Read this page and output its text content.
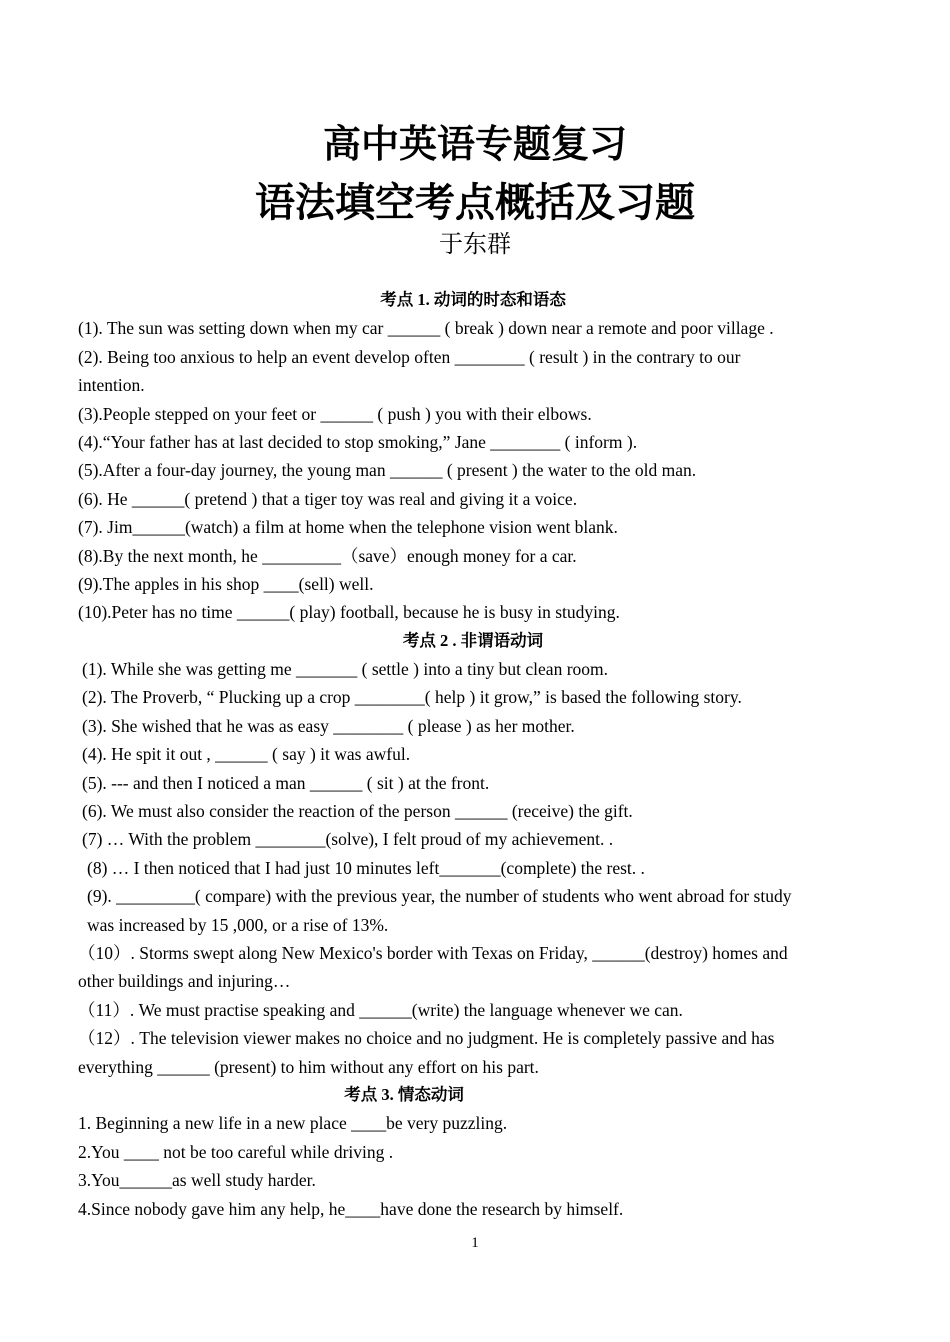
高中英语专题复习
语法填空考点概括及习题
于东群
考点 1. 动词的时态和语态
(1). The sun was setting down when my car ______ ( break ) down near a remote and poor village .
(2). Being too anxious to help an event develop often ________ ( result ) in the contrary to our
intention.
(3).People stepped on your feet or ______ ( push ) you with their elbows.
(4).“Your father has at last decided to stop smoking,” Jane ________ ( inform ).
(5).After a four-day journey, the young man ______ ( present ) the water to the old man.
(6). He ______( pretend ) that a tiger toy was real and giving it a voice.
(7). Jim______(watch) a film at home when the telephone vision went blank.
(8).By the next month, he _________（save）enough money for a car.
(9).The apples in his shop ____(sell) well.
(10).Peter has no time ______( play) football, because he is busy in studying.
考点 2 . 非谓语动词
(1). While she was getting me _______ ( settle ) into a tiny but clean room.
(2). The Proverb, “ Plucking up a crop ________( help ) it grow,” is based the following story.
(3). She wished that he was as easy ________ ( please ) as her mother.
(4). He spit it out , ______ ( say ) it was awful.
(5). --- and then I noticed a man ______ ( sit ) at the front.
(6). We must also consider the reaction of the person ______ (receive) the gift.
(7) … With the problem ________(solve), I felt proud of my achievement. .
(8) … I then noticed that I had just 10 minutes left_______(complete) the rest. .
(9). _________( compare) with the previous year, the number of students who went abroad for study
was increased by 15 ,000, or a rise of 13%.
（10）. Storms swept along New Mexico's border with Texas on Friday, ______(destroy) homes and
other buildings and injuring…
（11）. We must practise speaking and ______(write) the language whenever we can.
（12）. The television viewer makes no choice and no judgment. He is completely passive and has
everything ______ (present) to him without any effort on his part.
考点 3. 情态动词
1. Beginning a new life in a new place ____be very puzzling.
2.You ____ not be too careful while driving .
3.You______as well study harder.
4.Since nobody gave him any help, he____have done the research by himself.
1
